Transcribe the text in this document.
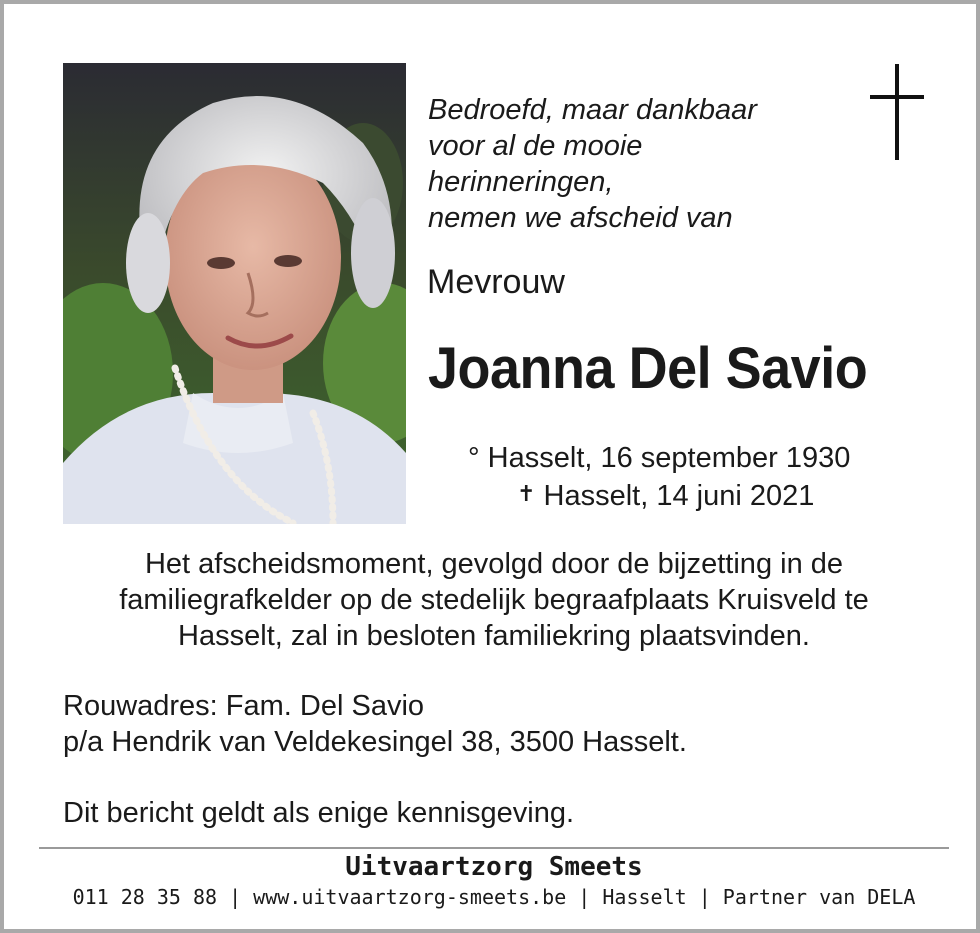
Bedroefd, maar dankbaar
voor al de mooie
herinneringen,
nemen we afscheid van
Mevrouw
Joanna Del Savio
° Hasselt, 16 september 1930
✝ Hasselt, 14 juni 2021
Het afscheidsmoment, gevolgd door de bijzetting in de
familiegrafkelder op de stedelijk begraafplaats Kruisveld te
Hasselt, zal in besloten familiekring plaatsvinden.
Rouwadres: Fam. Del Savio
p/a Hendrik van Veldekesingel 38, 3500 Hasselt.
Dit bericht geldt als enige kennisgeving.
Uitvaartzorg Smeets
011 28 35 88 | www.uitvaartzorg-smeets.be | Hasselt | Partner van DELA
